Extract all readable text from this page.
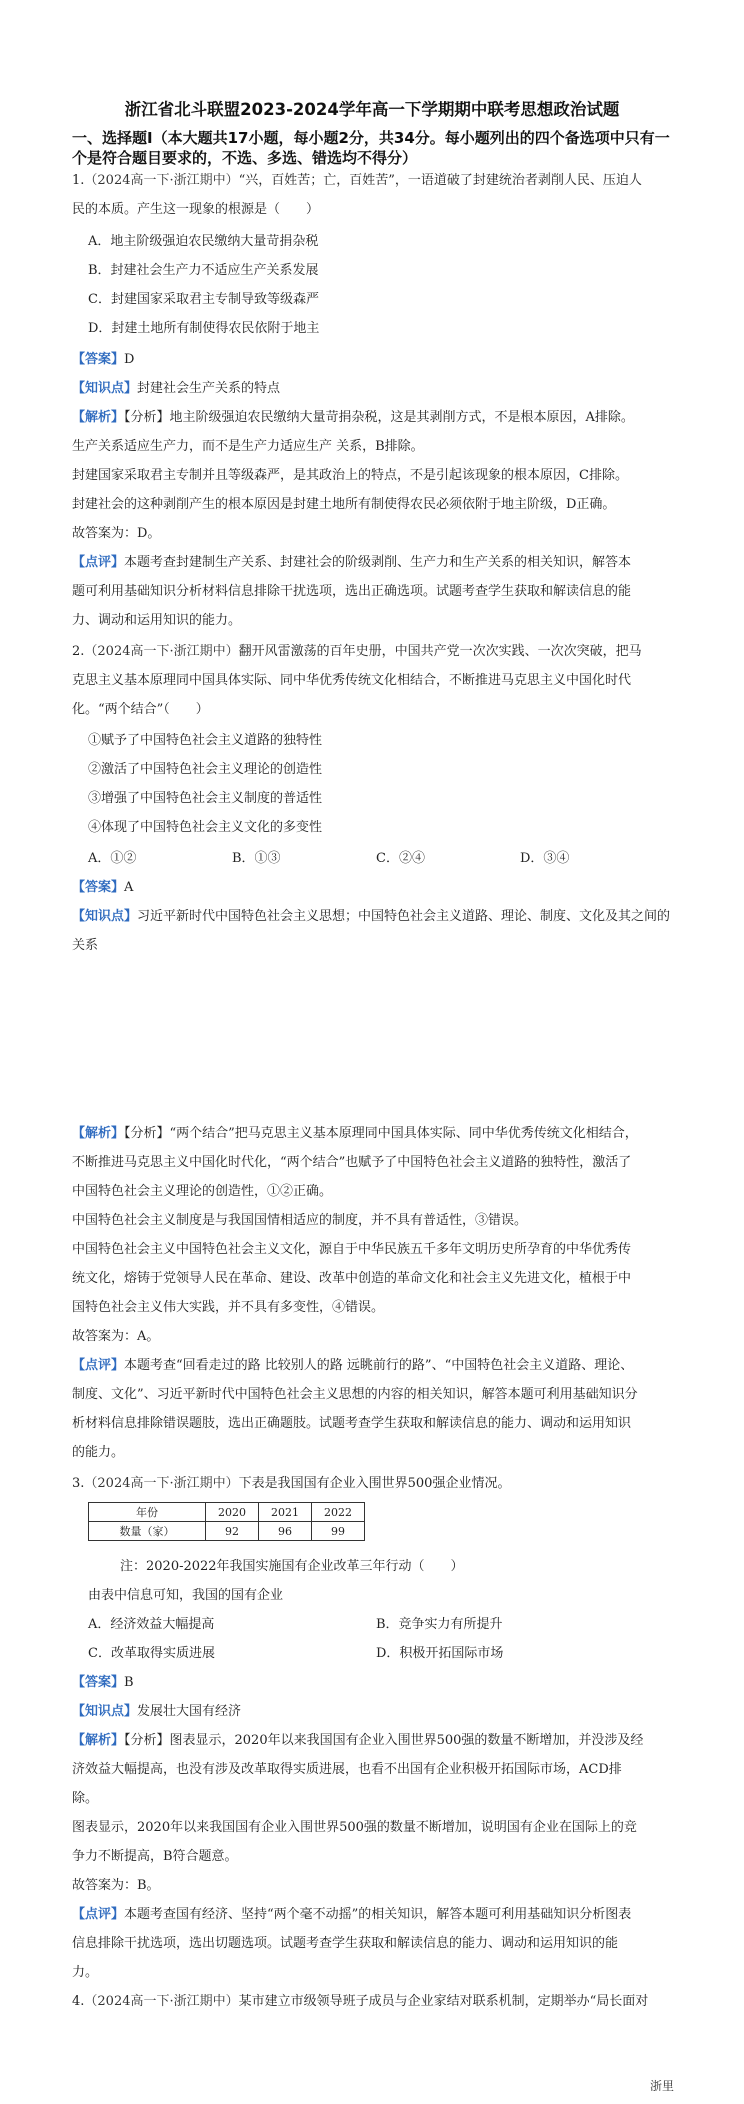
浙江省北斗联盟2023-2024学年高一下学期期中联考思想政治试题
一、选择题Ⅰ（本大题共17小题，每小题2分，共34分。每小题列出的四个备选项中只有一
个是符合题目要求的，不选、多选、错选均不得分）
1.（2024高一下·浙江期中）“兴，百姓苦；亡，百姓苦”，一语道破了封建统治者剥削人民、压迫人
民的本质。产生这一现象的根源是（　　）
A．地主阶级强迫农民缴纳大量苛捐杂税
B．封建社会生产力不适应生产关系发展
C．封建国家采取君主专制导致等级森严
D．封建土地所有制使得农民依附于地主
【答案】D
【知识点】封建社会生产关系的特点
【解析】【分析】地主阶级强迫农民缴纳大量苛捐杂税，这是其剥削方式，不是根本原因，A排除。
生产关系适应生产力，而不是生产力适应生产 关系，B排除。
封建国家采取君主专制并且等级森严，是其政治上的特点，不是引起该现象的根本原因，C排除。
封建社会的这种剥削产生的根本原因是封建土地所有制使得农民必须依附于地主阶级，D正确。
故答案为：D。
【点评】本题考查封建制生产关系、封建社会的阶级剥削、生产力和生产关系的相关知识，解答本
题可利用基础知识分析材料信息排除干扰选项，选出正确选项。试题考查学生获取和解读信息的能
力、调动和运用知识的能力。
2.（2024高一下·浙江期中）翻开风雷激荡的百年史册，中国共产党一次次实践、一次次突破，把马
克思主义基本原理同中国具体实际、同中华优秀传统文化相结合，不断推进马克思主义中国化时代
化。“两个结合”（　　）
①赋予了中国特色社会主义道路的独特性
②激活了中国特色社会主义理论的创造性
③增强了中国特色社会主义制度的普适性
④体现了中国特色社会主义文化的多变性
A．①②	B．①③	C．②④	D．③④
【答案】A
【知识点】习近平新时代中国特色社会主义思想；中国特色社会主义道路、理论、制度、文化及其之间的
关系
【解析】【分析】“两个结合”把马克思主义基本原理同中国具体实际、同中华优秀传统文化相结合，
不断推进马克思主义中国化时代化，“两个结合”也赋予了中国特色社会主义道路的独特性，激活了
中国特色社会主义理论的创造性，①②正确。
中国特色社会主义制度是与我国国情相适应的制度，并不具有普适性，③错误。
中国特色社会主义中国特色社会主义文化，源自于中华民族五千多年文明历史所孕育的中华优秀传
统文化，熔铸于党领导人民在革命、建设、改革中创造的革命文化和社会主义先进文化，植根于中
国特色社会主义伟大实践，并不具有多变性，④错误。
故答案为：A。
【点评】本题考查“回看走过的路 比较别人的路 远眺前行的路”、“中国特色社会主义道路、理论、
制度、文化”、习近平新时代中国特色社会主义思想的内容的相关知识，解答本题可利用基础知识分
析材料信息排除错误题肢，选出正确题肢。试题考查学生获取和解读信息的能力、调动和运用知识
的能力。
3.（2024高一下·浙江期中）下表是我国国有企业入围世界500强企业情况。
年份	2020	2021	2022
数量（家）	92	96	99
注：2020-2022年我国实施国有企业改革三年行动（　　）
由表中信息可知，我国的国有企业
A．经济效益大幅提高	B．竞争实力有所提升
C．改革取得实质进展	D．积极开拓国际市场
【答案】B
【知识点】发展壮大国有经济
【解析】【分析】图表显示，2020年以来我国国有企业入围世界500强的数量不断增加，并没涉及经
济效益大幅提高，也没有涉及改革取得实质进展，也看不出国有企业积极开拓国际市场，ACD排
除。
图表显示，2020年以来我国国有企业入围世界500强的数量不断增加，说明国有企业在国际上的竞
争力不断提高，B符合题意。
故答案为：B。
【点评】本题考查国有经济、坚持“两个毫不动摇”的相关知识，解答本题可利用基础知识分析图表
信息排除干扰选项，选出切题选项。试题考查学生获取和解读信息的能力、调动和运用知识的能
力。
4.（2024高一下·浙江期中）某市建立市级领导班子成员与企业家结对联系机制，定期举办“局长面对
浙里
